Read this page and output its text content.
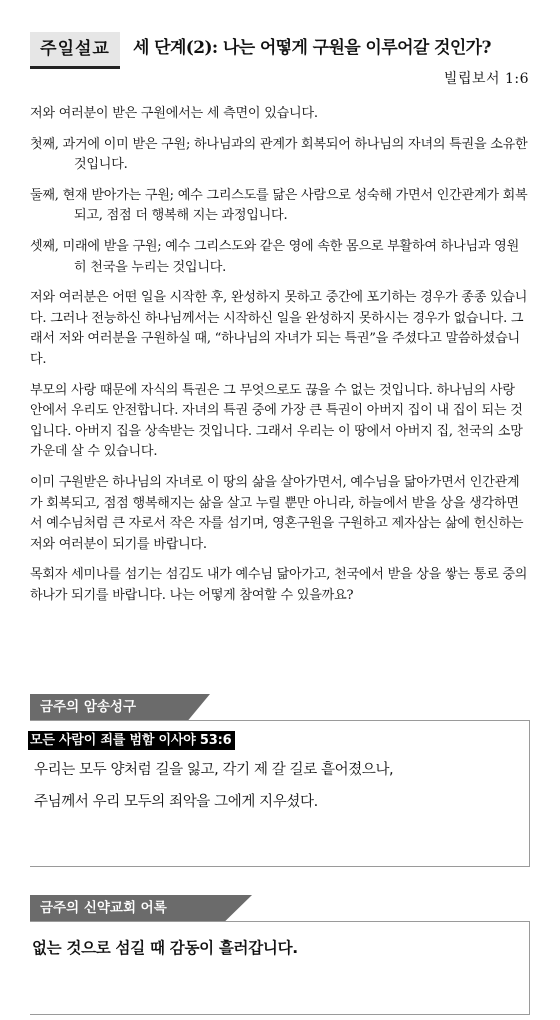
주일설교	세 단계(2): 나는 어떻게 구원을 이루어갈 것인가?
빌립보서 1:6

저와 여러분이 받은 구원에서는 세 측면이 있습니다.

첫째, 과거에 이미 받은 구원; 하나님과의 관계가 회복되어 하나님의 자녀의 특권을 소유한 것입니다.

둘째, 현재 받아가는 구원; 예수 그리스도를 닮은 사람으로 성숙해 가면서 인간관계가 회복되고, 점점 더 행복해 지는 과정입니다.

셋째, 미래에 받을 구원; 예수 그리스도와 같은 영에 속한 몸으로 부활하여 하나님과 영원히 천국을 누리는 것입니다.

저와 여러분은 어떤 일을 시작한 후, 완성하지 못하고 중간에 포기하는 경우가 종종 있습니다. 그러나 전능하신 하나님께서는 시작하신 일을 완성하지 못하시는 경우가 없습니다. 그래서 저와 여러분을 구원하실 때, “하나님의 자녀가 되는 특권”을 주셨다고 말씀하셨습니다.

부모의 사랑 때문에 자식의 특권은 그 무엇으로도 끊을 수 없는 것입니다. 하나님의 사랑 안에서 우리도 안전합니다. 자녀의 특권 중에 가장 큰 특권이 아버지 집이 내 집이 되는 것입니다. 아버지 집을 상속받는 것입니다. 그래서 우리는 이 땅에서 아버지 집, 천국의 소망 가운데 살 수 있습니다.

이미 구원받은 하나님의 자녀로 이 땅의 삶을 살아가면서, 예수님을 닮아가면서 인간관계가 회복되고, 점점 행복해지는 삶을 살고 누릴 뿐만 아니라, 하늘에서 받을 상을 생각하면서 예수님처럼 큰 자로서 작은 자를 섬기며, 영혼구원을 구원하고 제자삼는 삶에 헌신하는 저와 여러분이 되기를 바랍니다.

목회자 세미나를 섬기는 섬김도 내가 예수님 닮아가고, 천국에서 받을 상을 쌓는 통로 중의 하나가 되기를 바랍니다. 나는 어떻게 참여할 수 있을까요?

금주의 암송성구
모든 사람이 죄를 범함 이사야 53:6
우리는 모두 양처럼 길을 잃고, 각기 제 갈 길로 흩어졌으나,
주님께서 우리 모두의 죄악을 그에게 지우셨다.
금주의 신약교회 어록
없는 것으로 섬길 때 감동이 흘러갑니다.
